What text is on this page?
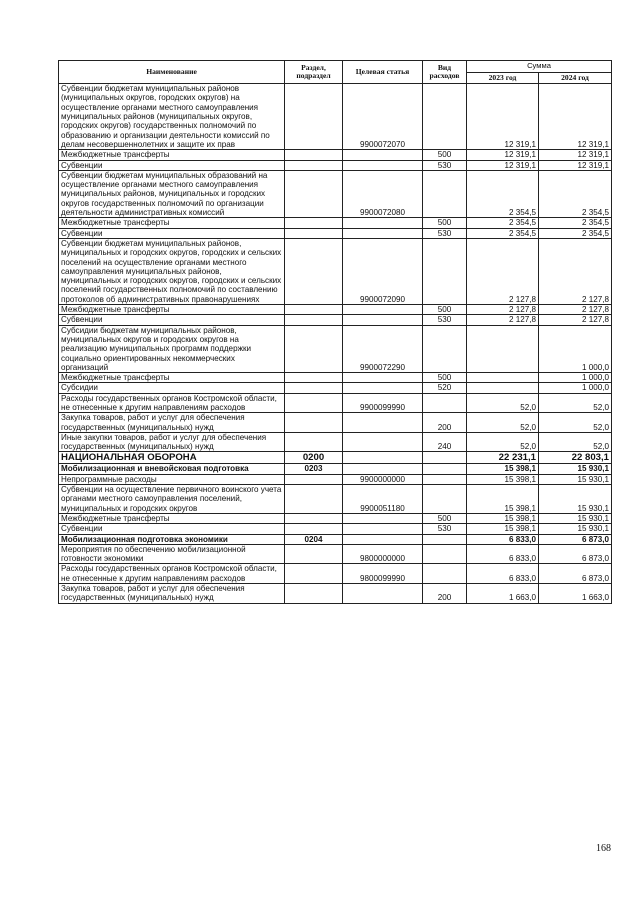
Наименование	Раздел, подраздел	Целевая статья	Вид расходов	Сумма	
				2023 год	2024 год
Субвенции бюджетам муниципальных районов (муниципальных округов, городских округов) на осуществление органами местного самоуправления муниципальных районов (муниципальных округов, городских округов) государственных полномочий по образованию и организации деятельности комиссий по делам несовершеннолетних и защите их прав		9900072070		12 319,1	12 319,1
Межбюджетные трансферты			500	12 319,1	12 319,1
Субвенции			530	12 319,1	12 319,1
Субвенции бюджетам муниципальных образований на осуществление органами местного самоуправления муниципальных районов, муниципальных и городских округов государственных полномочий по организации деятельности административных комиссий		9900072080		2 354,5	2 354,5
Межбюджетные трансферты			500	2 354,5	2 354,5
Субвенции			530	2 354,5	2 354,5
Субвенции бюджетам муниципальных районов, муниципальных и городских округов, городских и сельских поселений на осуществление органами местного самоуправления муниципальных районов, муниципальных и городских округов, городских и сельских поселений государственных полномочий по составлению протоколов об административных правонарушениях		9900072090		2 127,8	2 127,8
Межбюджетные трансферты			500	2 127,8	2 127,8
Субвенции			530	2 127,8	2 127,8
Субсидии бюджетам муниципальных районов, муниципальных округов и городских округов на реализацию муниципальных программ поддержки социально ориентированных некоммерческих организаций		9900072290			1 000,0
Межбюджетные трансферты			500		1 000,0
Субсидии			520		1 000,0
Расходы государственных органов Костромской области, не отнесенные к другим направлениям расходов		9900099990		52,0	52,0
Закупка товаров, работ и услуг для обеспечения государственных (муниципальных) нужд			200	52,0	52,0
Иные закупки товаров, работ и услуг для обеспечения государственных (муниципальных) нужд			240	52,0	52,0
НАЦИОНАЛЬНАЯ ОБОРОНА	0200			22 231,1	22 803,1
Мобилизационная и вневойсковая подготовка	0203			15 398,1	15 930,1
Непрограммные расходы		9900000000		15 398,1	15 930,1
Субвенции на осуществление первичного воинского учета органами местного самоуправления поселений, муниципальных и городских округов		9900051180		15 398,1	15 930,1
Межбюджетные трансферты			500	15 398,1	15 930,1
Субвенции			530	15 398,1	15 930,1
Мобилизационная подготовка экономики	0204			6 833,0	6 873,0
Мероприятия по обеспечению мобилизационной готовности экономики		9800000000		6 833,0	6 873,0
Расходы государственных органов Костромской области, не отнесенные к другим направлениям расходов		9800099990		6 833,0	6 873,0
Закупка товаров, работ и услуг для обеспечения государственных (муниципальных) нужд			200	1 663,0	1 663,0
168
